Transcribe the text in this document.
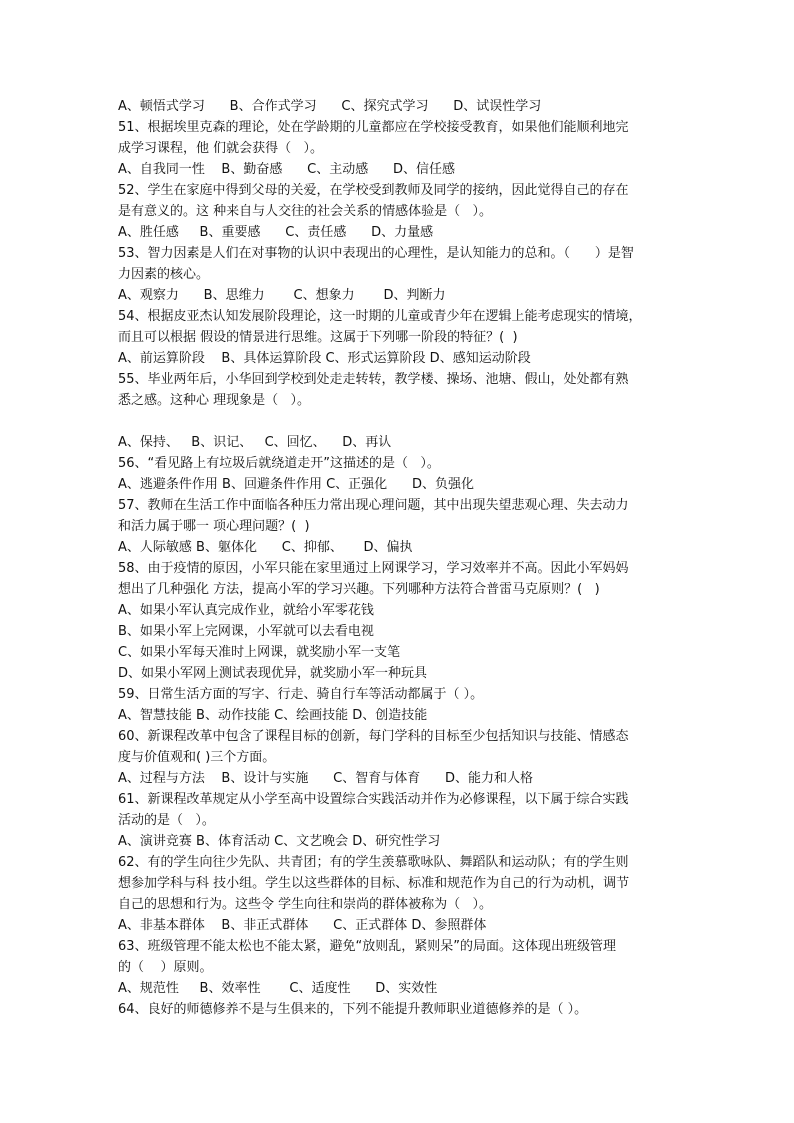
A、顿悟式学习      B、合作式学习      C、探究式学习      D、试误性学习
51、根据埃里克森的理论，处在学龄期的儿童都应在学校接受教育，如果他们能顺利地完
成学习课程，他 们就会获得（   ）。
A、自我同一性    B、勤奋感      C、主动感      D、信任感
52、学生在家庭中得到父母的关爱，在学校受到教师及同学的接纳，因此觉得自己的存在
是有意义的。这 种来自与人交往的社会关系的情感体验是（   ）。
A、胜任感     B、重要感      C、责任感      D、力量感
53、智力因素是人们在对事物的认识中表现出的心理性，是认知能力的总和。（      ）是智
力因素的核心。
A、观察力      B、思维力       C、想象力       D、判断力
54、根据皮亚杰认知发展阶段理论，这一时期的儿童或青少年在逻辑上能考虑现实的情境，
而且可以根据 假设的情景进行思维。这属于下列哪一阶段的特征？(  )
A、前运算阶段    B、具体运算阶段 C、形式运算阶段 D、感知运动阶段
55、毕业两年后，小华回到学校到处走走转转，教学楼、操场、池塘、假山，处处都有熟
悉之感。这种心 理现象是（   ）。
A、保持、   B、识记、   C、回忆、    D、再认
56、“看见路上有垃圾后就绕道走开”这描述的是（   ）。
A、逃避条件作用 B、回避条件作用 C、正强化      D、负强化
57、教师在生活工作中面临各种压力常出现心理问题，其中出现失望悲观心理、失去动力
和活力属于哪一 项心理问题？(  )
A、人际敏感 B、躯体化      C、抑郁、     D、偏执
58、由于疫情的原因，小军只能在家里通过上网课学习，学习效率并不高。因此小军妈妈
想出了几种强化 方法，提高小军的学习兴趣。下列哪种方法符合普雷马克原则？(   )
A、如果小军认真完成作业，就给小军零花钱
B、如果小军上完网课，小军就可以去看电视
C、如果小军每天准时上网课，就奖励小军一支笔
D、如果小军网上测试表现优异，就奖励小军一种玩具
59、日常生活方面的写字、行走、骑自行车等活动都属于（ ）。
A、智慧技能 B、动作技能 C、绘画技能 D、创造技能
60、新课程改革中包含了课程目标的创新，每门学科的目标至少包括知识与技能、情感态
度与价值观和( )三个方面。
A、过程与方法    B、设计与实施      C、智育与体育      D、能力和人格
61、新课程改革规定从小学至高中设置综合实践活动并作为必修课程，以下属于综合实践
活动的是（   ）。
A、演讲竞赛 B、体育活动 C、文艺晚会 D、研究性学习
62、有的学生向往少先队、共青团；有的学生羡慕歌咏队、舞蹈队和运动队；有的学生则
想参加学科与科 技小组。学生以这些群体的目标、标准和规范作为自己的行为动机，调节
自己的思想和行为。这些令 学生向往和崇尚的群体被称为（   ）。
A、非基本群体    B、非正式群体      C、正式群体 D、参照群体
63、班级管理不能太松也不能太紧，避免“放则乱，紧则呆”的局面。这体现出班级管理
的（    ）原则。
A、规范性     B、效率性       C、适度性      D、实效性
64、良好的师德修养不是与生俱来的，下列不能提升教师职业道德修养的是（ ）。
